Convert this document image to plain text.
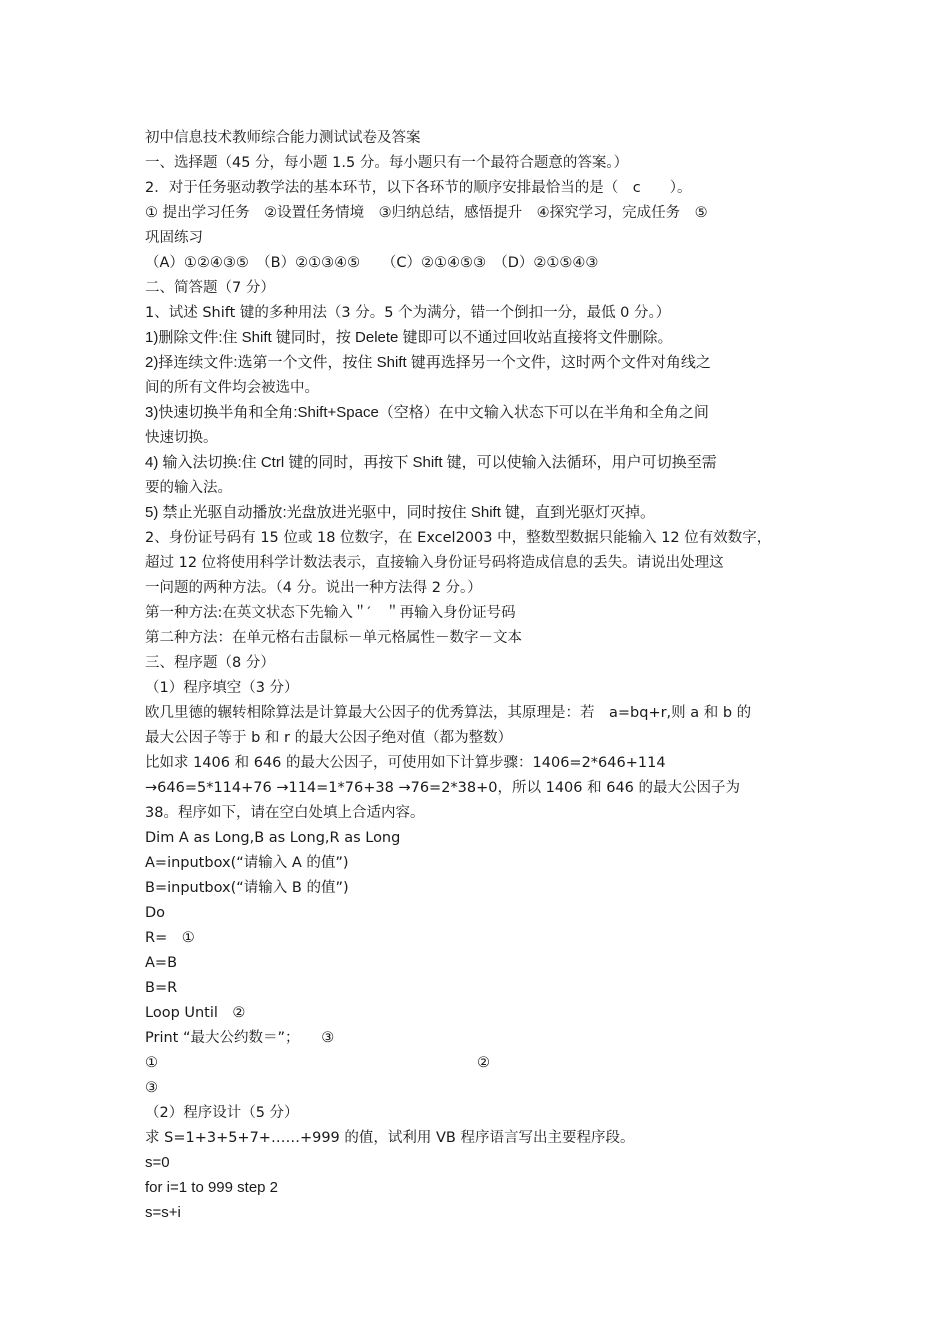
初中信息技术教师综合能力测试试卷及答案
一、选择题（45 分，每小题 1.5 分。每小题只有一个最符合题意的答案。）
2．对于任务驱动教学法的基本环节，以下各环节的顺序安排最恰当的是（　c　　）。
① 提出学习任务　②设置任务情境　③归纳总结，感悟提升　④探究学习，完成任务　⑤
巩固练习
（A）①②④③⑤　（B）②①③④⑤　　（C）②①④⑤③　（D）②①⑤④③
二、简答题（7 分）
1、试述 Shift 键的多种用法（3 分。5 个为满分，错一个倒扣一分，最低 0 分。）
1)删除文件:住 Shift 键同时，按 Delete 键即可以不通过回收站直接将文件删除。
2)择连续文件:选第一个文件，按住 Shift 键再选择另一个文件，这时两个文件对角线之
间的所有文件均会被选中。
3)快速切换半角和全角:Shift+Space（空格）在中文输入状态下可以在半角和全角之间
快速切换。
4) 输入法切换:住 Ctrl 键的同时，再按下 Shift 键，可以使输入法循环，用户可切换至需
要的输入法。
5) 禁止光驱自动播放:光盘放进光驱中，同时按住 Shift 键，直到光驱灯灭掉。
2、身份证号码有 15 位或 18 位数字，在 Excel2003 中，整数型数据只能输入 12 位有效数字，
超过 12 位将使用科学计数法表示，直接输入身份证号码将造成信息的丢失。请说出处理这
一问题的两种方法。（4 分。说出一种方法得 2 分。）
第一种方法:在英文状态下先输入＂′　＂再输入身份证号码
第二种方法：在单元格右击鼠标－单元格属性－数字－文本
三、程序题（8 分）
（1）程序填空（3 分）
欧几里德的辗转相除算法是计算最大公因子的优秀算法，其原理是：若　a=bq+r,则 a 和 b 的
最大公因子等于 b 和 r 的最大公因子绝对值（都为整数）
比如求 1406 和 646 的最大公因子，可使用如下计算步骤：1406=2*646+114
→646=5*114+76 →114=1*76+38 →76=2*38+0，所以 1406 和 646 的最大公因子为
38。程序如下，请在空白处填上合适内容。
Dim A as Long,B as Long,R as Long
A=inputbox(“请输入 A 的值”)
B=inputbox(“请输入 B 的值”)
Do
R=　①
A=B
B=R
Loop Until　②
Print “最大公约数＝”；　　③
①　　　　　　　　　　　　　　　　　　　　　　②
③
（2）程序设计（5 分）
求 S=1+3+5+7+……+999 的值，试利用 VB 程序语言写出主要程序段。
s=0
for i=1 to 999 step 2
s=s+i
